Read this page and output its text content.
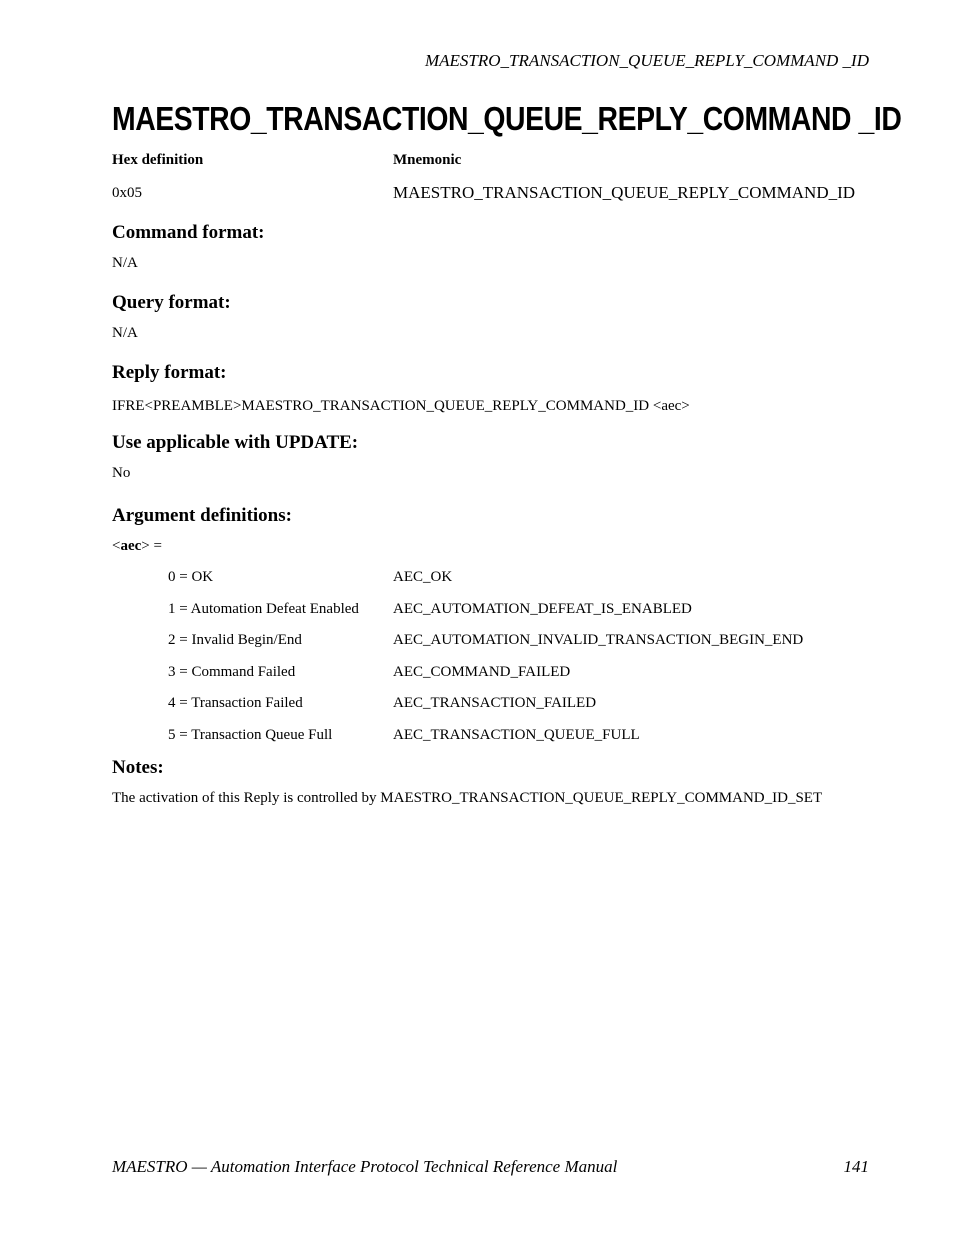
MAESTRO_TRANSACTION_QUEUE_REPLY_COMMAND _ID
MAESTRO_TRANSACTION_QUEUE_REPLY_COMMAND _ID
Hex definition	Mnemonic
0x05	MAESTRO_TRANSACTION_QUEUE_REPLY_COMMAND_ID
Command format:
N/A
Query format:
N/A
Reply format:
IFRE<PREAMBLE>MAESTRO_TRANSACTION_QUEUE_REPLY_COMMAND_ID <aec>
Use applicable with UPDATE:
No
Argument definitions:
<aec> =
0 = OK	AEC_OK
1 = Automation Defeat Enabled AEC_AUTOMATION_DEFEAT_IS_ENABLED
2 = Invalid Begin/End	AEC_AUTOMATION_INVALID_TRANSACTION_BEGIN_END
3 = Command Failed	AEC_COMMAND_FAILED
4 = Transaction Failed	AEC_TRANSACTION_FAILED
5 = Transaction Queue Full	AEC_TRANSACTION_QUEUE_FULL
Notes:
The activation of this Reply is controlled by MAESTRO_TRANSACTION_QUEUE_REPLY_COMMAND_ID_SET
MAESTRO — Automation Interface Protocol Technical Reference Manual	141
